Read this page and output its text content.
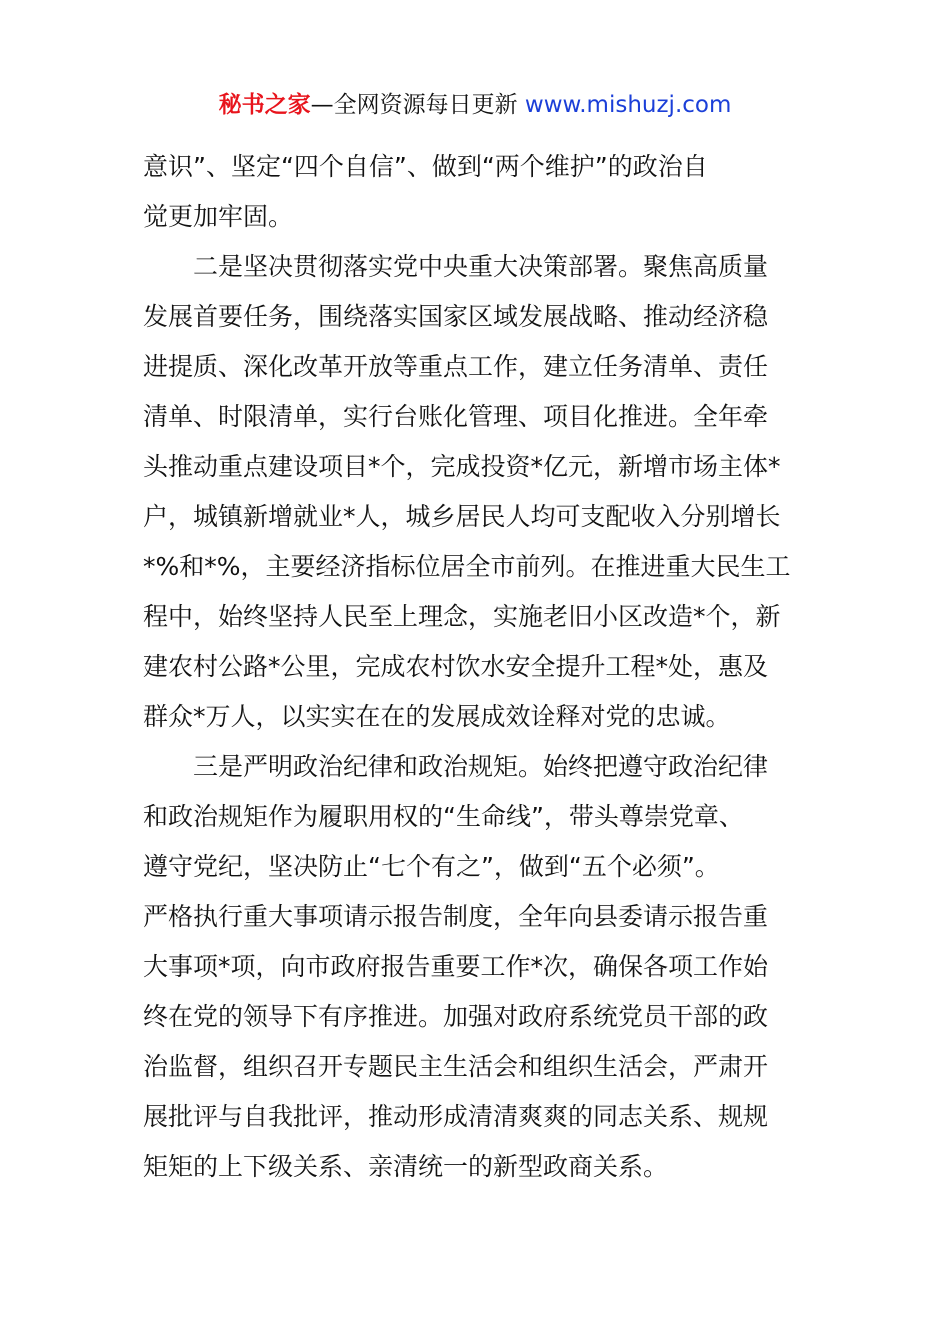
秘书之家—全网资源每日更新 www.mishuzj.com
意识”、坚定“四个自信”、做到“两个维护”的政治自
觉更加牢固。
二是坚决贯彻落实党中央重大决策部署。聚焦高质量
发展首要任务，围绕落实国家区域发展战略、推动经济稳
进提质、深化改革开放等重点工作，建立任务清单、责任
清单、时限清单，实行台账化管理、项目化推进。全年牵
头推动重点建设项目*个，完成投资*亿元，新增市场主体*
户，城镇新增就业*人，城乡居民人均可支配收入分别增长
*%和*%，主要经济指标位居全市前列。在推进重大民生工
程中，始终坚持人民至上理念，实施老旧小区改造*个，新
建农村公路*公里，完成农村饮水安全提升工程*处，惠及
群众*万人，以实实在在的发展成效诠释对党的忠诚。
三是严明政治纪律和政治规矩。始终把遵守政治纪律
和政治规矩作为履职用权的“生命线”，带头尊崇党章、
遵守党纪，坚决防止“七个有之”，做到“五个必须”。
严格执行重大事项请示报告制度，全年向县委请示报告重
大事项*项，向市政府报告重要工作*次，确保各项工作始
终在党的领导下有序推进。加强对政府系统党员干部的政
治监督，组织召开专题民主生活会和组织生活会，严肃开
展批评与自我批评，推动形成清清爽爽的同志关系、规规
矩矩的上下级关系、亲清统一的新型政商关系。
